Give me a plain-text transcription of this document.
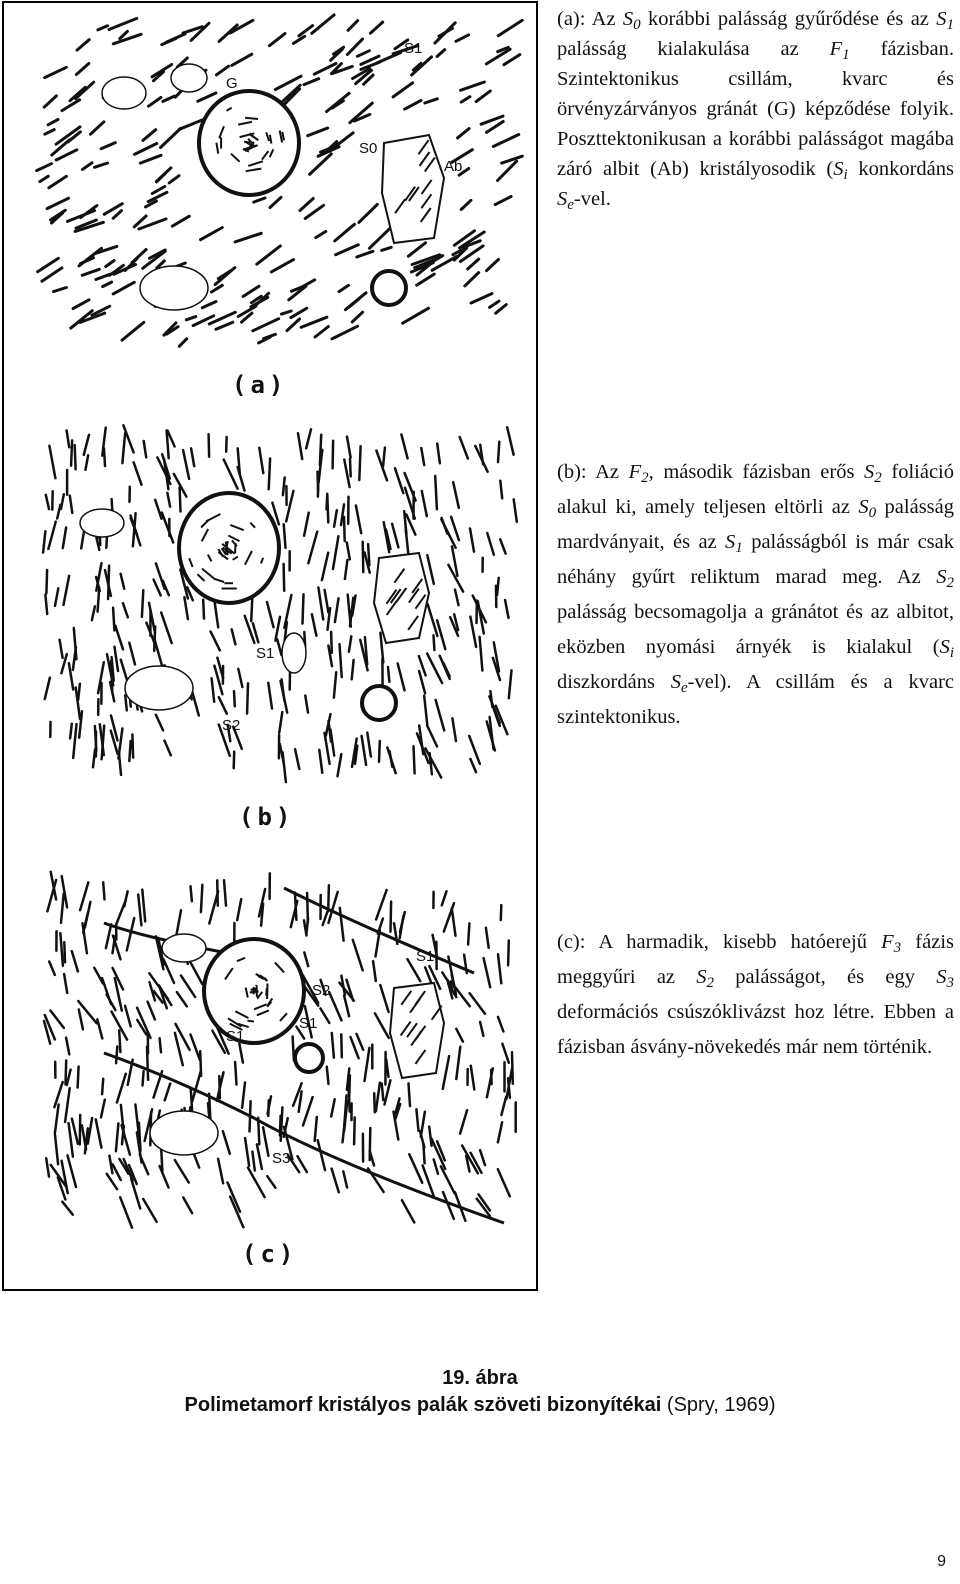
G
S1
S0
Ab
(a)
S1
S2
(b)
S1
S2
S1
S3
S1
(c)
(a): Az $S_0$ korábbi palásság gyűrődése és az $S_1$ palásság kialakulása az $F_1$ fázisban. Szintektonikus csillám, kvarc és örvényzárványos gránát (G) képződése folyik. Poszttektonikusan a korábbi palásságot magába záró albit (Ab) kristályosodik ($S_i$ konkordáns $S_e$-vel.
(b): Az $F_2$, második fázisban erős $S_2$ foliáció alakul ki, amely teljesen eltörli az $S_0$ palásság mardványait, és az $S_1$ palásságból is már csak néhány gyűrt reliktum marad meg. Az $S_2$ palásság becsomagolja a gránátot és az albitot, eközben nyomási árnyék is kialakul ($S_i$ diszkordáns $S_e-vel$). A csillám és a kvarc szintektonikus.
(c): A harmadik, kisebb hatóerejű $F_3$ fázis meggyűri az $S_2$ palásságot, és egy $S_3$ deformációs csúszóklivázst hoz létre. Ebben a fázisban ásvány-növekedés már nem történik.
19. ábra
Polimetamorf kristályos palák szöveti bizonyítékai (Spry, 1969)
9
